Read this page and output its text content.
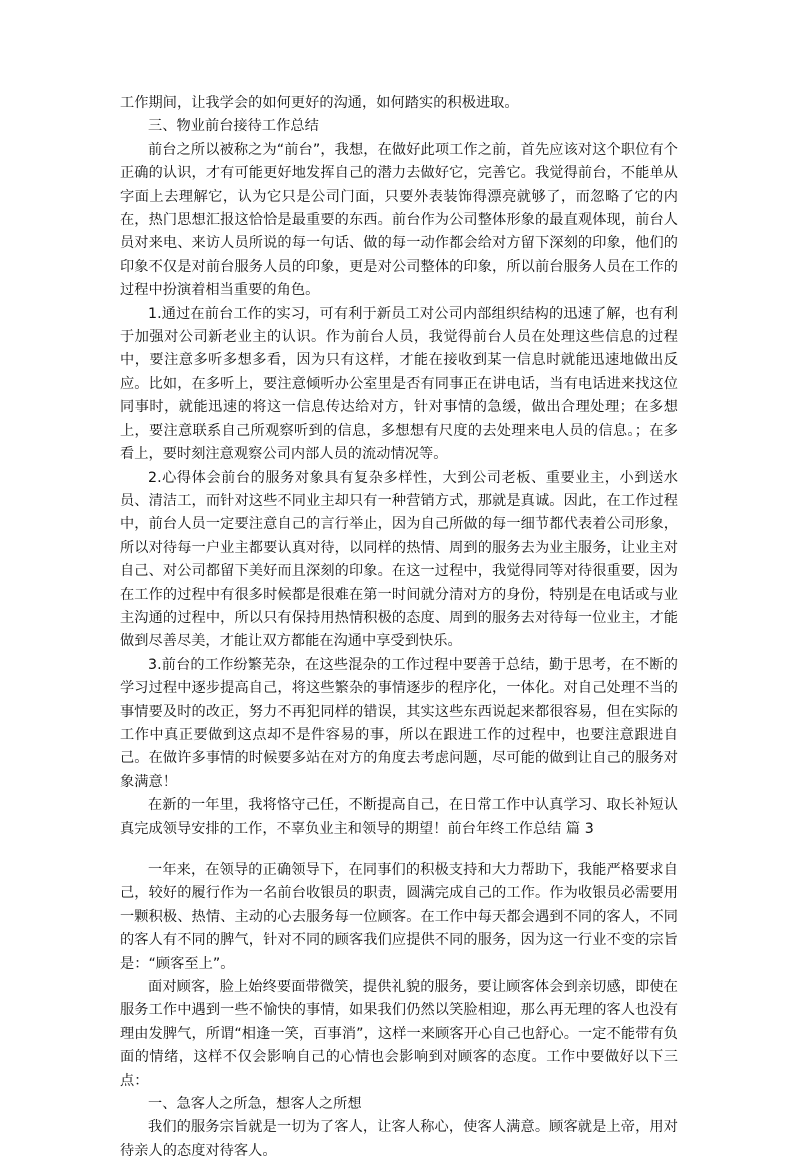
工作期间，让我学会的如何更好的沟通，如何踏实的积极进取。

三、物业前台接待工作总结

前台之所以被称之为“前台”，我想，在做好此项工作之前，首先应该对这个职位有个正确的认识，才有可能更好地发挥自己的潜力去做好它，完善它。我觉得前台，不能单从字面上去理解它，认为它只是公司门面，只要外表装饰得漂亮就够了，而忽略了它的内在，热门思想汇报这恰恰是最重要的东西。前台作为公司整体形象的最直观体现，前台人员对来电、来访人员所说的每一句话、做的每一动作都会给对方留下深刻的印象，他们的印象不仅是对前台服务人员的印象，更是对公司整体的印象，所以前台服务人员在工作的过程中扮演着相当重要的角色。

1.通过在前台工作的实习，可有利于新员工对公司内部组织结构的迅速了解，也有利于加强对公司新老业主的认识。作为前台人员，我觉得前台人员在处理这些信息的过程中，要注意多听多想多看，因为只有这样，才能在接收到某一信息时就能迅速地做出反应。比如，在多听上，要注意倾听办公室里是否有同事正在讲电话，当有电话进来找这位同事时，就能迅速的将这一信息传达给对方，针对事情的急缓，做出合理处理；在多想上，要注意联系自己所观察听到的信息，多想想有尺度的去处理来电人员的信息。；在多看上，要时刻注意观察公司内部人员的流动情况等。

2.心得体会前台的服务对象具有复杂多样性，大到公司老板、重要业主，小到送水员、清洁工，而针对这些不同业主却只有一种营销方式，那就是真诚。因此，在工作过程中，前台人员一定要注意自己的言行举止，因为自己所做的每一细节都代表着公司形象，所以对待每一户业主都要认真对待，以同样的热情、周到的服务去为业主服务，让业主对自己、对公司都留下美好而且深刻的印象。在这一过程中，我觉得同等对待很重要，因为在工作的过程中有很多时候都是很难在第一时间就分清对方的身份，特别是在电话或与业主沟通的过程中，所以只有保持用热情积极的态度、周到的服务去对待每一位业主，才能做到尽善尽美，才能让双方都能在沟通中享受到快乐。

3.前台的工作纷繁芜杂，在这些混杂的工作过程中要善于总结，勤于思考，在不断的学习过程中逐步提高自己，将这些繁杂的事情逐步的程序化，一体化。对自己处理不当的事情要及时的改正，努力不再犯同样的错误，其实这些东西说起来都很容易，但在实际的工作中真正要做到这点却不是件容易的事，所以在跟进工作的过程中，也要注意跟进自己。在做许多事情的时候要多站在对方的角度去考虑问题，尽可能的做到让自己的服务对象满意！

在新的一年里，我将恪守己任，不断提高自己，在日常工作中认真学习、取长补短认真完成领导安排的工作，不辜负业主和领导的期望！前台年终工作总结 篇 3

一年来，在领导的正确领导下，在同事们的积极支持和大力帮助下，我能严格要求自己，较好的履行作为一名前台收银员的职责，圆满完成自己的工作。作为收银员必需要用一颗积极、热情、主动的心去服务每一位顾客。在工作中每天都会遇到不同的客人，不同的客人有不同的脾气，针对不同的顾客我们应提供不同的服务，因为这一行业不变的宗旨是：“顾客至上”。

面对顾客，脸上始终要面带微笑，提供礼貌的服务，要让顾客体会到亲切感，即使在服务工作中遇到一些不愉快的事情，如果我们仍然以笑脸相迎，那么再无理的客人也没有理由发脾气，所谓“相逢一笑，百事消”，这样一来顾客开心自己也舒心。一定不能带有负面的情绪，这样不仅会影响自己的心情也会影响到对顾客的态度。工作中要做好以下三点：

一、急客人之所急，想客人之所想

我们的服务宗旨就是一切为了客人，让客人称心，使客人满意。顾客就是上帝，用对待亲人的态度对待客人。
